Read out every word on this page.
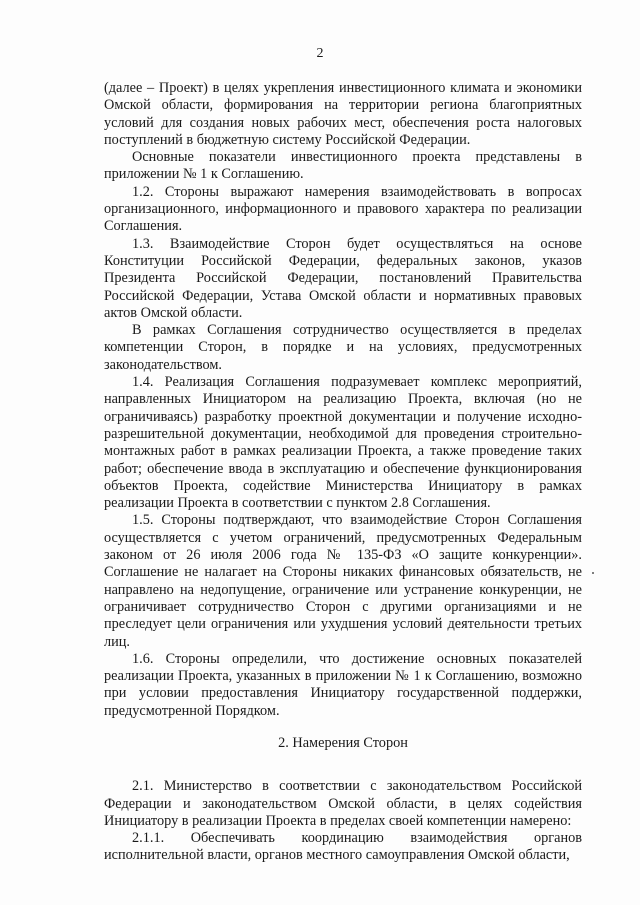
2

(далее – Проект) в целях укрепления инвестиционного климата и экономики Омской области, формирования на территории региона благоприятных условий для создания новых рабочих мест, обеспечения роста налоговых поступлений в бюджетную систему Российской Федерации.

Основные показатели инвестиционного проекта представлены в приложении № 1 к Соглашению.

1.2. Стороны выражают намерения взаимодействовать в вопросах организационного, информационного и правового характера по реализации Соглашения.

1.3. Взаимодействие Сторон будет осуществляться на основе Конституции Российской Федерации, федеральных законов, указов Президента Российской Федерации, постановлений Правительства Российской Федерации, Устава Омской области и нормативных правовых актов Омской области.

В рамках Соглашения сотрудничество осуществляется в пределах компетенции Сторон, в порядке и на условиях, предусмотренных законодательством.

1.4. Реализация Соглашения подразумевает комплекс мероприятий, направленных Инициатором на реализацию Проекта, включая (но не ограничиваясь) разработку проектной документации и получение исходно-разрешительной документации, необходимой для проведения строительно-монтажных работ в рамках реализации Проекта, а также проведение таких работ; обеспечение ввода в эксплуатацию и обеспечение функционирования объектов Проекта, содействие Министерства Инициатору в рамках реализации Проекта в соответствии с пунктом 2.8 Соглашения.

1.5. Стороны подтверждают, что взаимодействие Сторон Соглашения осуществляется с учетом ограничений, предусмотренных Федеральным законом от 26 июля 2006 года № 135-ФЗ «О защите конкуренции». Соглашение не налагает на Стороны никаких финансовых обязательств, не направлено на недопущение, ограничение или устранение конкуренции, не ограничивает сотрудничество Сторон с другими организациями и не преследует цели ограничения или ухудшения условий деятельности третьих лиц.

1.6. Стороны определили, что достижение основных показателей реализации Проекта, указанных в приложении № 1 к Соглашению, возможно при условии предоставления Инициатору государственной поддержки, предусмотренной Порядком.

2. Намерения Сторон

2.1. Министерство в соответствии с законодательством Российской Федерации и законодательством Омской области, в целях содействия Инициатору в реализации Проекта в пределах своей компетенции намерено:

2.1.1. Обеспечивать координацию взаимодействия органов исполнительной власти, органов местного самоуправления Омской области,
